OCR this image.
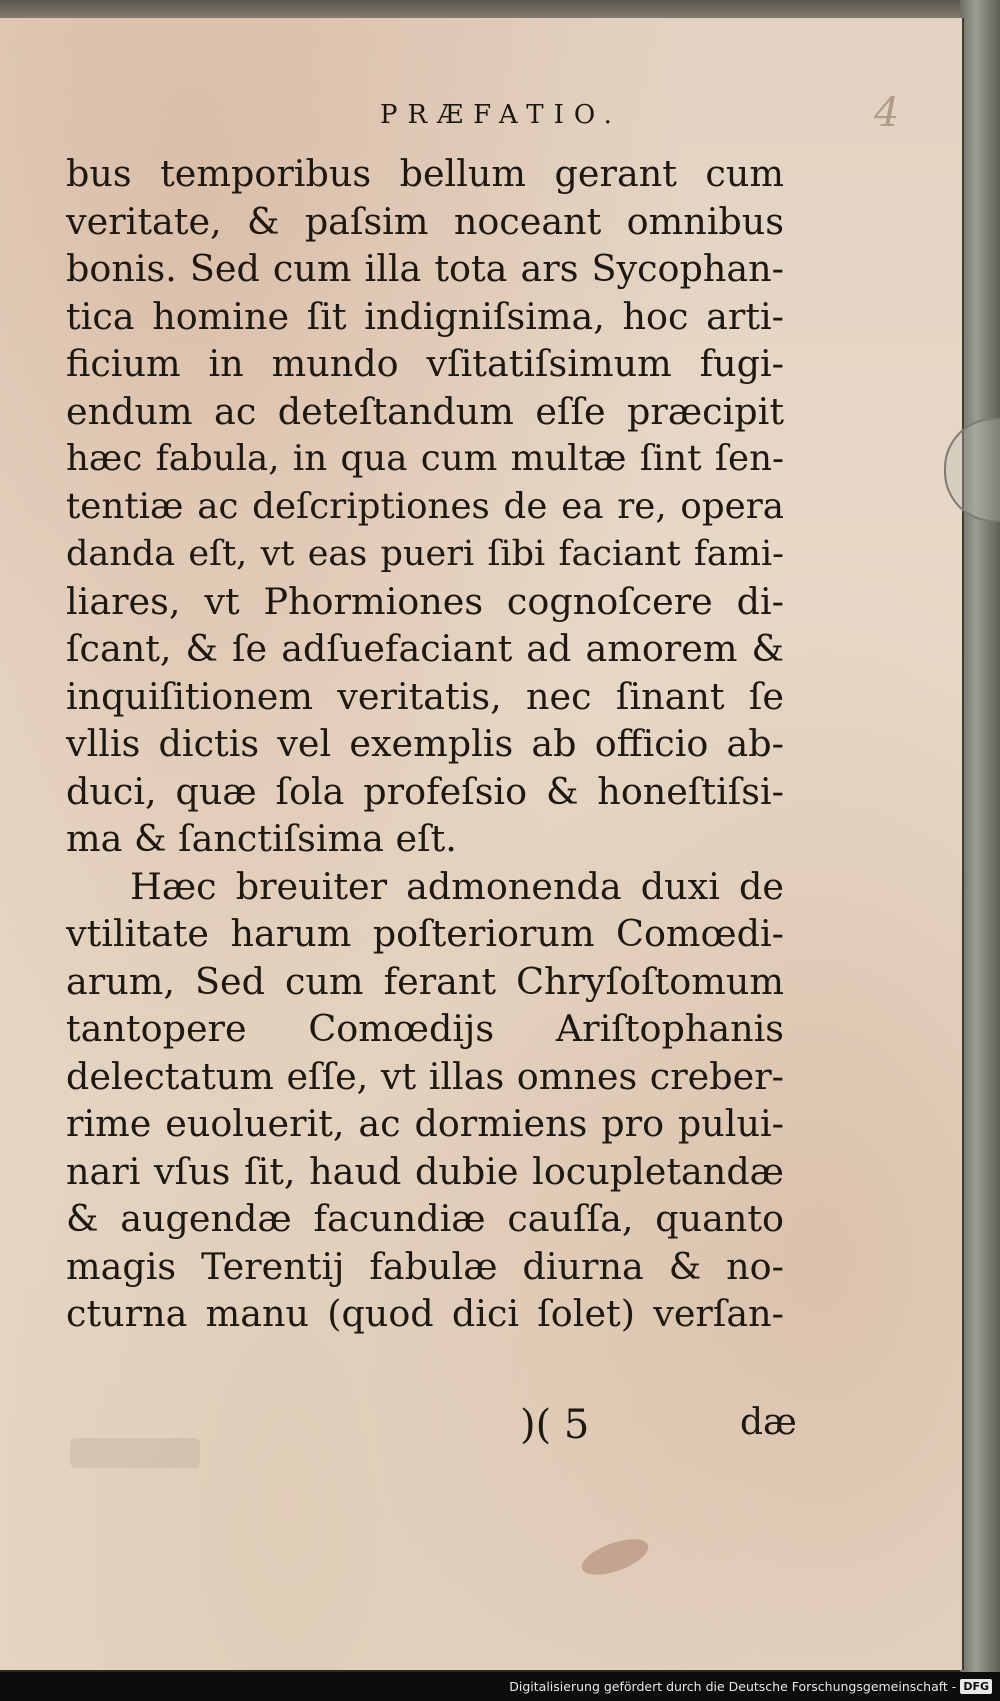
4
PRÆFATIO.
bus temporibus bellum gerant cum
veritate, & paſsim noceant omnibus
bonis. Sed cum illa tota ars Sycophan-
tica homine ſit indigniſsima, hoc arti-
ficium in mundo vſitatiſsimum fugi-
endum ac deteſtandum eſſe præcipit
hæc fabula, in qua cum multæ ſint ſen-
tentiæ ac deſcriptiones de ea re, opera
danda eſt, vt eas pueri ſibi faciant fami-
liares, vt Phormiones cognoſcere di-
ſcant, & ſe adſuefaciant ad amorem &
inquiſitionem veritatis, nec ſinant ſe
vllis dictis vel exemplis ab officio ab-
duci, quæ ſola profeſsio & honeſtiſsi-
ma & ſanctiſsima eſt.
Hæc breuiter admonenda duxi de
vtilitate harum poſteriorum Comœdi-
arum, Sed cum ferant Chryſoſtomum
tantopere Comœdijs Ariſtophanis
delectatum eſſe, vt illas omnes creber-
rime euoluerit, ac dormiens pro pului-
nari vſus ſit, haud dubie locupletandæ
& augendæ facundiæ cauſſa, quanto
magis Terentij fabulæ diurna & no-
cturna manu (quod dici ſolet) verſan-
)( 5	dæ
Digitalisierung gefördert durch die Deutsche Forschungsgemeinschaft - DFG
